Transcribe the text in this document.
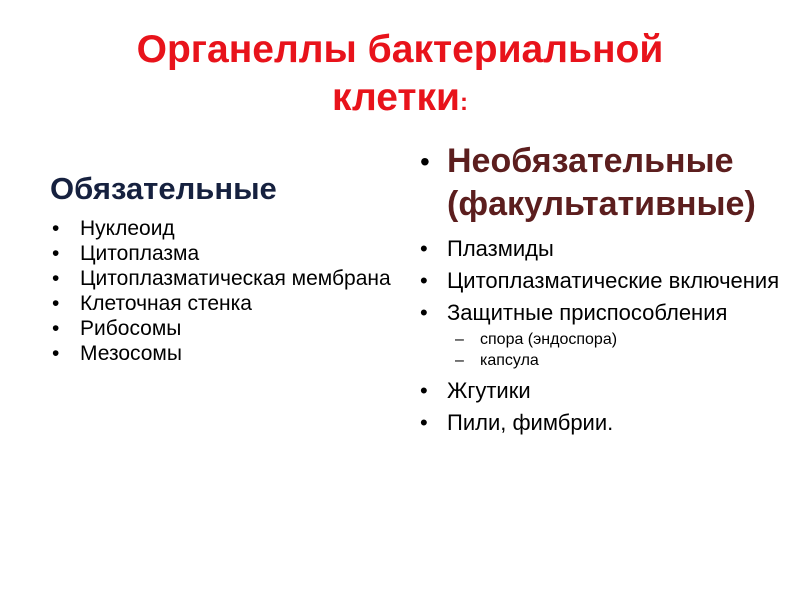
Органеллы бактериальной
клетки:
Обязательные
• Нуклеоид
• Цитоплазма
• Цитоплазматическая мембрана
• Клеточная стенка
• Рибосомы
• Мезосомы
• Необязательные (факультативные)
• Плазмиды
• Цитоплазматические включения
• Защитные приспособления
– спора (эндоспора)
– капсула
• Жгутики
• Пили, фимбрии.
